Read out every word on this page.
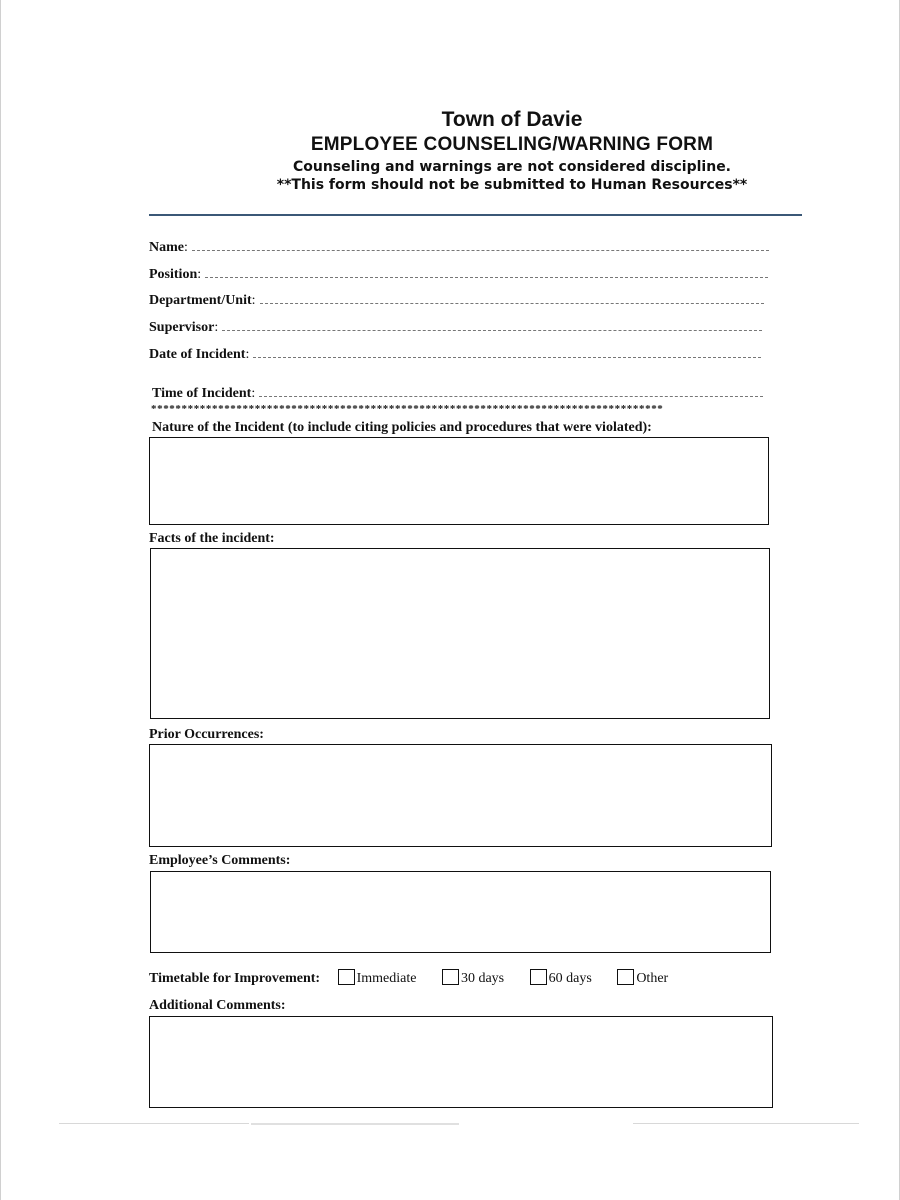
Town of Davie
EMPLOYEE COUNSELING/WARNING FORM
Counseling and warnings are not considered discipline.
**This form should not be submitted to Human Resources**
Name:
Position:
Department/Unit:
Supervisor:
Date of Incident:
Time of Incident:
************************************************************************************
Nature of the Incident (to include citing policies and procedures that were violated):
Facts of the incident:
Prior Occurrences:
Employee’s Comments:
Timetable for Improvement:	Immediate	30 days	60 days	Other
Additional Comments:
